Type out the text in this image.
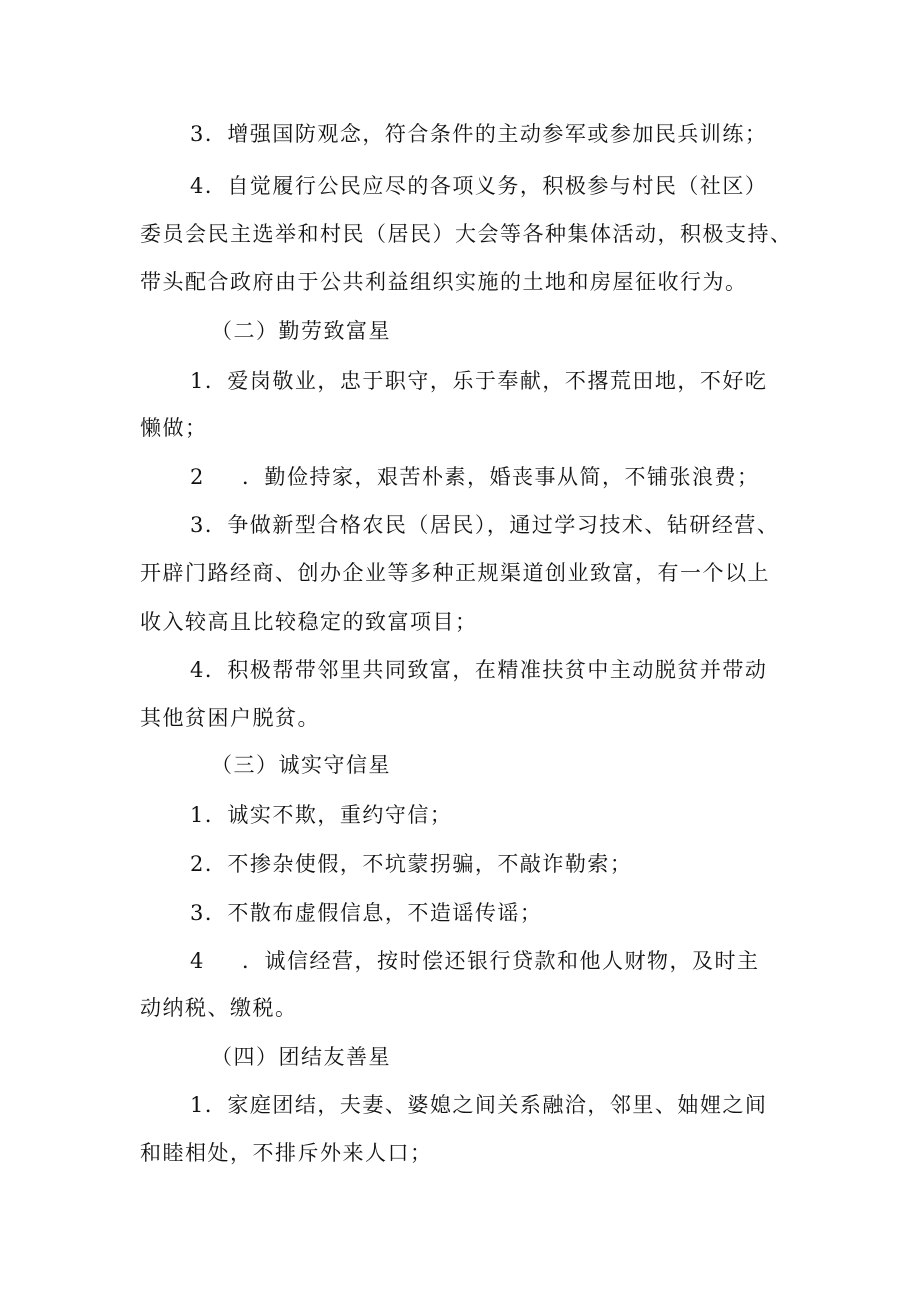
3．增强国防观念，符合条件的主动参军或参加民兵训练；
4．自觉履行公民应尽的各项义务，积极参与村民（社区）
委员会民主选举和村民（居民）大会等各种集体活动，积极支持、
带头配合政府由于公共利益组织实施的土地和房屋征收行为。
（二）勤劳致富星
1．爱岗敬业，忠于职守，乐于奉献，不撂荒田地，不好吃
懒做；
2 ．勤俭持家，艰苦朴素，婚丧事从简，不铺张浪费；
3．争做新型合格农民（居民），通过学习技术、钻研经营、
开辟门路经商、创办企业等多种正规渠道创业致富，有一个以上
收入较高且比较稳定的致富项目；
4．积极帮带邻里共同致富，在精准扶贫中主动脱贫并带动
其他贫困户脱贫。
（三）诚实守信星
1．诚实不欺，重约守信；
2．不掺杂使假，不坑蒙拐骗，不敲诈勒索；
3．不散布虚假信息，不造谣传谣；
4 ．诚信经营，按时偿还银行贷款和他人财物，及时主
动纳税、缴税。
（四）团结友善星
1．家庭团结，夫妻、婆媳之间关系融洽，邻里、妯娌之间
和睦相处，不排斥外来人口；
